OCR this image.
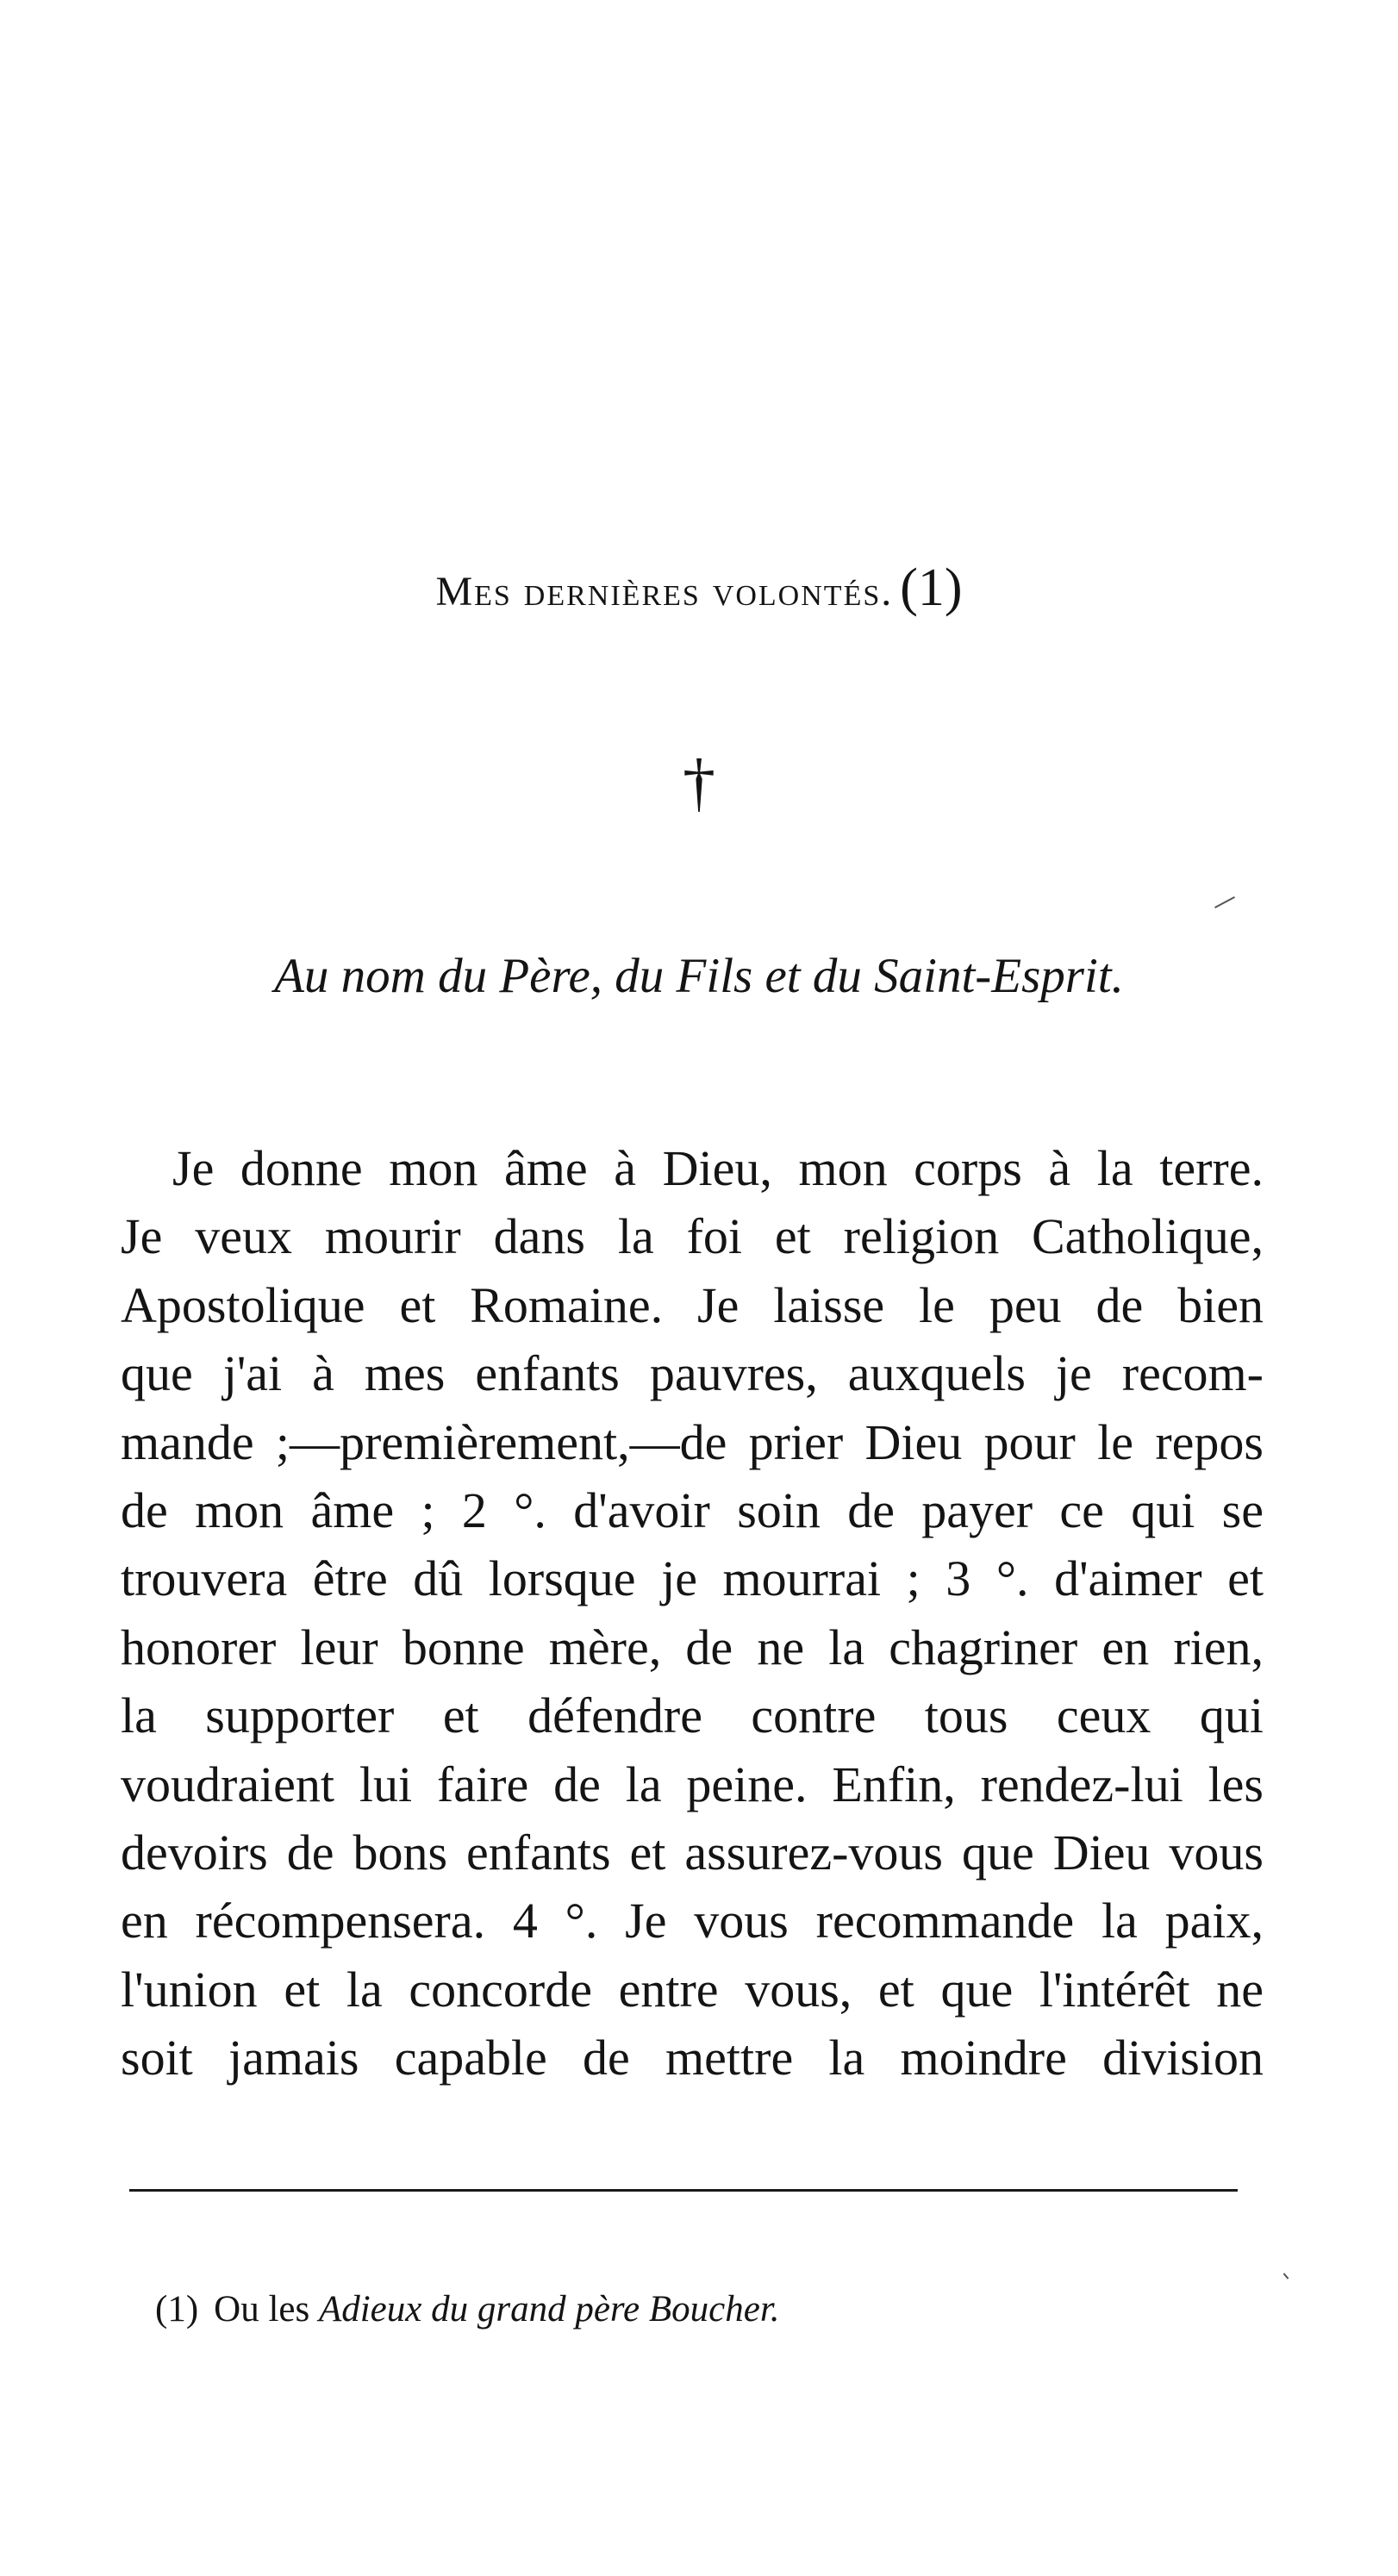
Mes dernières volontés. (1)
†
Au nom du Père, du Fils et du Saint-Esprit.
Je donne mon âme à Dieu, mon corps à la terre.
Je veux mourir dans la foi et religion Catholique,
Apostolique et Romaine. Je laisse le peu de bien
que j'ai à mes enfants pauvres, auxquels je recom-
mande ;—premièrement,—de prier Dieu pour le repos
de mon âme ; 2 °. d'avoir soin de payer ce qui se
trouvera être dû lorsque je mourrai ; 3 °. d'aimer et
honorer leur bonne mère, de ne la chagriner en rien,
la supporter et défendre contre tous ceux qui
voudraient lui faire de la peine. Enfin, rendez-lui les
devoirs de bons enfants et assurez-vous que Dieu vous
en récompensera. 4 °. Je vous recommande la paix,
l'union et la concorde entre vous, et que l'intérêt ne
soit jamais capable de mettre la moindre division
(1) Ou les Adieux du grand père Boucher.
